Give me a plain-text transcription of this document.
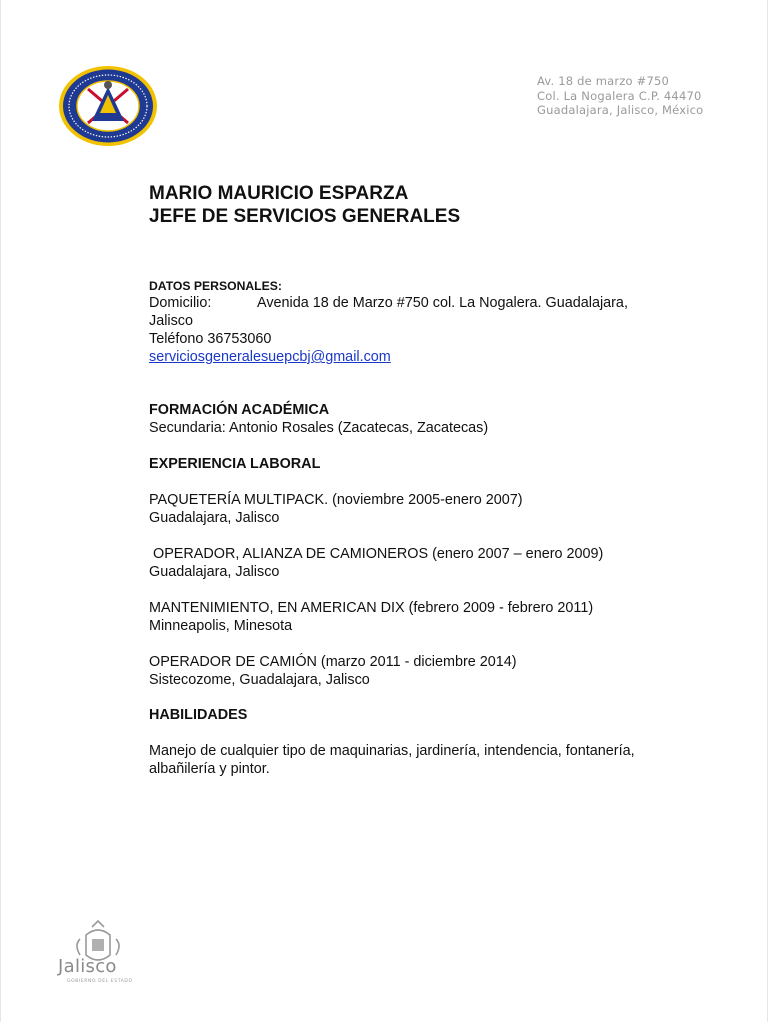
Av. 18 de marzo #750
Col. La Nogalera C.P. 44470
Guadalajara, Jalisco, México
MARIO MAURICIO ESPARZA
JEFE DE SERVICIOS GENERALES
DATOS PERSONALES:
Domicilio:	Avenida 18 de Marzo #750 col. La Nogalera. Guadalajara,
Jalisco
Teléfono 36753060
serviciosgeneralesuepcbj@gmail.com
FORMACIÓN ACADÉMICA
Secundaria: Antonio Rosales (Zacatecas, Zacatecas)
EXPERIENCIA LABORAL
PAQUETERÍA MULTIPACK. (noviembre 2005-enero 2007)
Guadalajara, Jalisco
OPERADOR, ALIANZA DE CAMIONEROS (enero 2007 – enero 2009)
Guadalajara, Jalisco
MANTENIMIENTO, EN AMERICAN DIX (febrero 2009 - febrero 2011)
Minneapolis, Minesota
OPERADOR DE CAMIÓN (marzo 2011 - diciembre 2014)
Sistecozome, Guadalajara, Jalisco
HABILIDADES
Manejo de cualquier tipo de maquinarias, jardinería, intendencia, fontanería,
albañilería y pintor.
Jalisco
GOBIERNO DEL ESTADO
